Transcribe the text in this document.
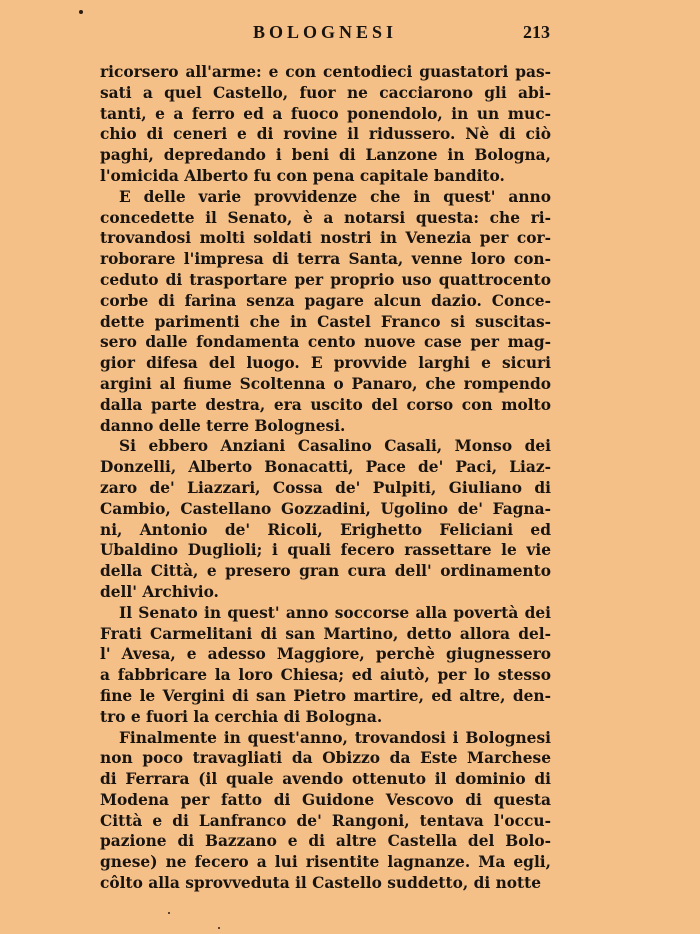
BOLOGNESI	213
ricorsero all'arme: e con centodieci guastatori pas-
sati a quel Castello, fuor ne cacciarono gli abi-
tanti, e a ferro ed a fuoco ponendolo, in un muc-
chio di ceneri e di rovine il ridussero. Nè di ciò
paghi, depredando i beni di Lanzone in Bologna,
l'omicida Alberto fu con pena capitale bandito.
E delle varie provvidenze che in quest' anno
concedette il Senato, è a notarsi questa: che ri-
trovandosi molti soldati nostri in Venezia per cor-
roborare l'impresa di terra Santa, venne loro con-
ceduto di trasportare per proprio uso quattrocento
corbe di farina senza pagare alcun dazio. Conce-
dette parimenti che in Castel Franco si suscitas-
sero dalle fondamenta cento nuove case per mag-
gior difesa del luogo. E provvide larghi e sicuri
argini al fiume Scoltenna o Panaro, che rompendo
dalla parte destra, era uscito del corso con molto
danno delle terre Bolognesi.
Si ebbero Anziani Casalino Casali, Monso dei
Donzelli, Alberto Bonacatti, Pace de' Paci, Liaz-
zaro de' Liazzari, Cossa de' Pulpiti, Giuliano di
Cambio, Castellano Gozzadini, Ugolino de' Fagna-
ni, Antonio de' Ricoli, Erighetto Feliciani ed
Ubaldino Duglioli; i quali fecero rassettare le vie
della Città, e presero gran cura dell' ordinamento
dell' Archivio.
Il Senato in quest' anno soccorse alla povertà dei
Frati Carmelitani di san Martino, detto allora del-
l' Avesa, e adesso Maggiore, perchè giugnessero
a fabbricare la loro Chiesa; ed aiutò, per lo stesso
fine le Vergini di san Pietro martire, ed altre, den-
tro e fuori la cerchia di Bologna.
Finalmente in quest'anno, trovandosi i Bolognesi
non poco travagliati da Obizzo da Este Marchese
di Ferrara (il quale avendo ottenuto il dominio di
Modena per fatto di Guidone Vescovo di questa
Città e di Lanfranco de' Rangoni, tentava l'occu-
pazione di Bazzano e di altre Castella del Bolo-
gnese) ne fecero a lui risentite lagnanze. Ma egli,
côlto alla sprovveduta il Castello suddetto, di notte
